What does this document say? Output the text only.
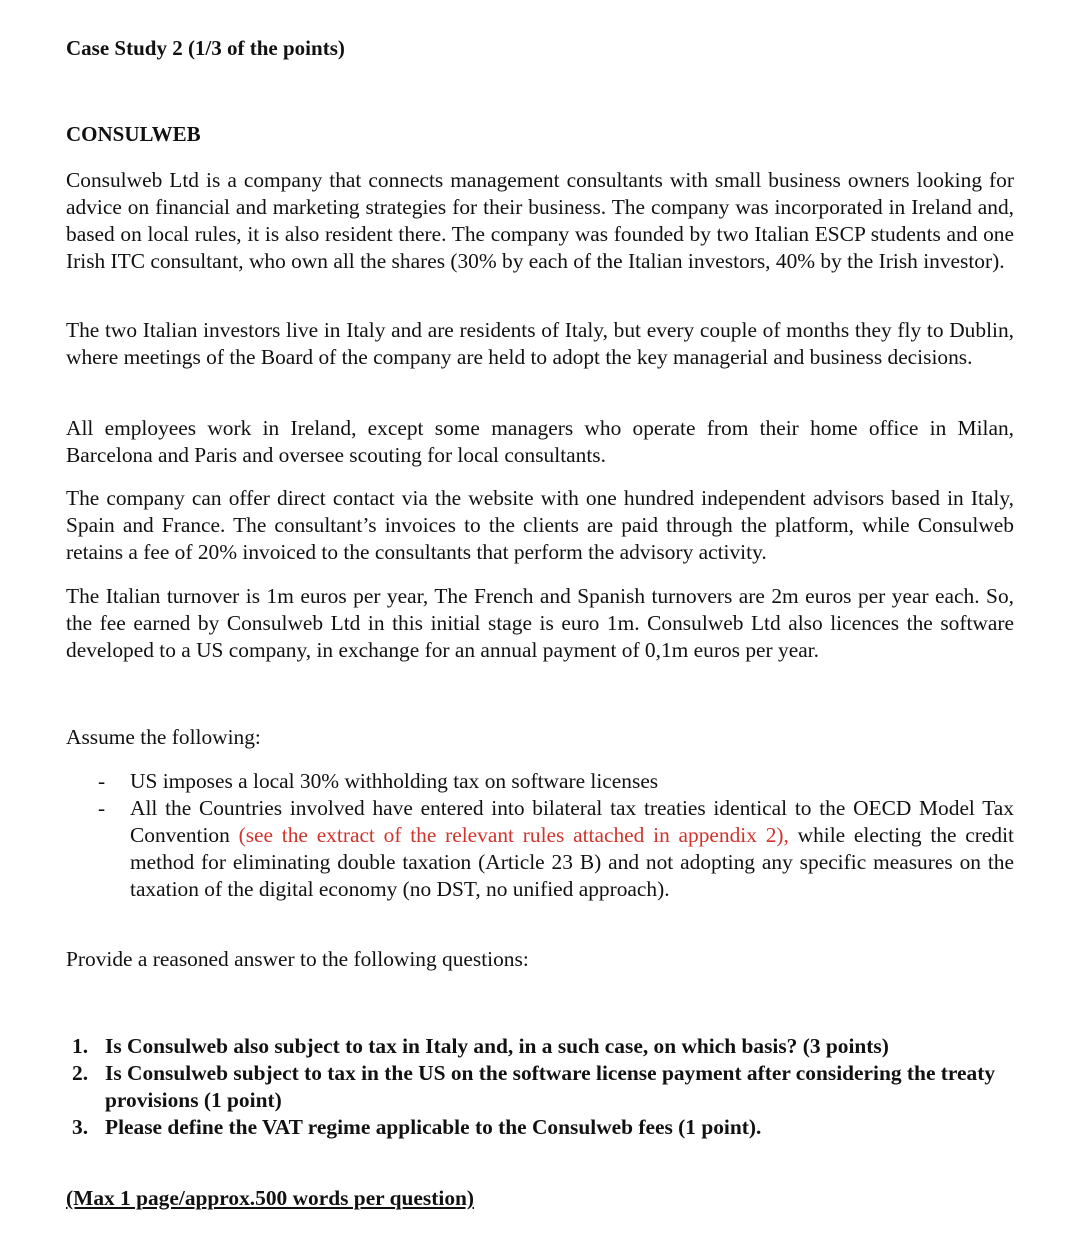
Case Study 2 (1/3 of the points)
CONSULWEB

Consulweb Ltd is a company that connects management consultants with small business owners looking for advice on financial and marketing strategies for their business. The company was incorporated in Ireland and, based on local rules, it is also resident there. The company was founded by two Italian ESCP students and one Irish ITC consultant, who own all the shares (30% by each of the Italian investors, 40% by the Irish investor).

The two Italian investors live in Italy and are residents of Italy, but every couple of months they fly to Dublin, where meetings of the Board of the company are held to adopt the key managerial and business decisions.

All employees work in Ireland, except some managers who operate from their home office in Milan, Barcelona and Paris and oversee scouting for local consultants.

The company can offer direct contact via the website with one hundred independent advisors based in Italy, Spain and France. The consultant’s invoices to the clients are paid through the platform, while Consulweb retains a fee of 20% invoiced to the consultants that perform the advisory activity.

The Italian turnover is 1m euros per year, The French and Spanish turnovers are 2m euros per year each. So, the fee earned by Consulweb Ltd in this initial stage is euro 1m. Consulweb Ltd also licences the software developed to a US company, in exchange for an annual payment of 0,1m euros per year.

Assume the following:
- US imposes a local 30% withholding tax on software licenses
- All the Countries involved have entered into bilateral tax treaties identical to the OECD Model Tax Convention (see the extract of the relevant rules attached in appendix 2), while electing the credit method for eliminating double taxation (Article 23 B) and not adopting any specific measures on the taxation of the digital economy (no DST, no unified approach).
Provide a reasoned answer to the following questions:
1. Is Consulweb also subject to tax in Italy and, in a such case, on which basis? (3 points)
2. Is Consulweb subject to tax in the US on the software license payment after considering the treaty provisions (1 point)
3. Please define the VAT regime applicable to the Consulweb fees (1 point).
(Max 1 page/approx.500 words per question)
